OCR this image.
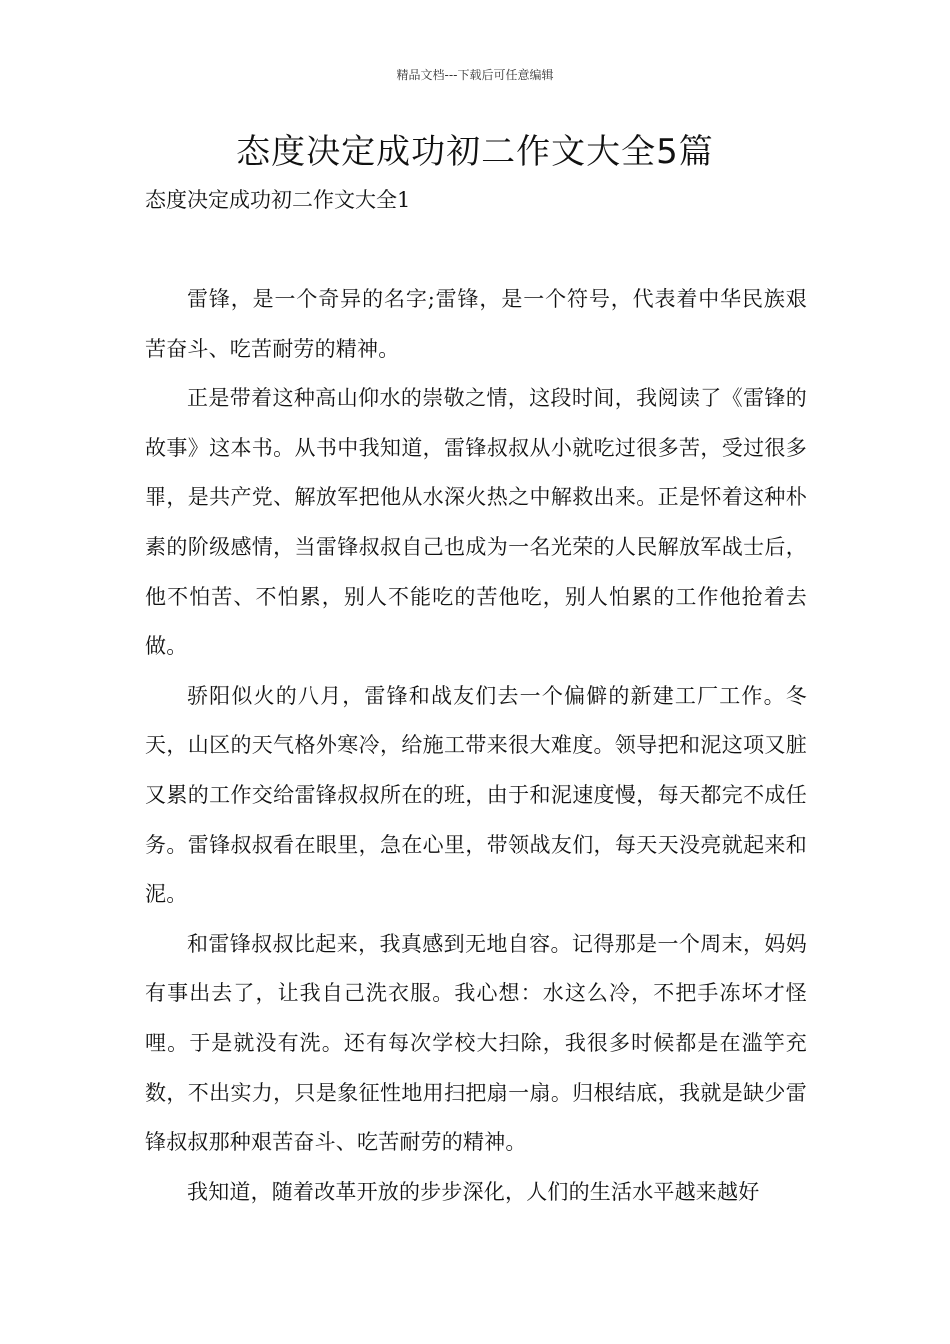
精品文档---下载后可任意编辑
态度决定成功初二作文大全5篇
态度决定成功初二作文大全1

雷锋，是一个奇异的名字;雷锋，是一个符号，代表着中华民族艰苦奋斗、吃苦耐劳的精神。

正是带着这种高山仰水的崇敬之情，这段时间，我阅读了《雷锋的故事》这本书。从书中我知道，雷锋叔叔从小就吃过很多苦，受过很多罪，是共产党、解放军把他从水深火热之中解救出来。正是怀着这种朴素的阶级感情，当雷锋叔叔自己也成为一名光荣的人民解放军战士后，他不怕苦、不怕累，别人不能吃的苦他吃，别人怕累的工作他抢着去做。

骄阳似火的八月，雷锋和战友们去一个偏僻的新建工厂工作。冬天，山区的天气格外寒冷，给施工带来很大难度。领导把和泥这项又脏又累的工作交给雷锋叔叔所在的班，由于和泥速度慢，每天都完不成任务。雷锋叔叔看在眼里，急在心里，带领战友们，每天天没亮就起来和泥。

和雷锋叔叔比起来，我真感到无地自容。记得那是一个周末，妈妈有事出去了，让我自己洗衣服。我心想：水这么冷，不把手冻坏才怪哩。于是就没有洗。还有每次学校大扫除，我很多时候都是在滥竽充数，不出实力，只是象征性地用扫把扇一扇。归根结底，我就是缺少雷锋叔叔那种艰苦奋斗、吃苦耐劳的精神。

我知道，随着改革开放的步步深化，人们的生活水平越来越好
